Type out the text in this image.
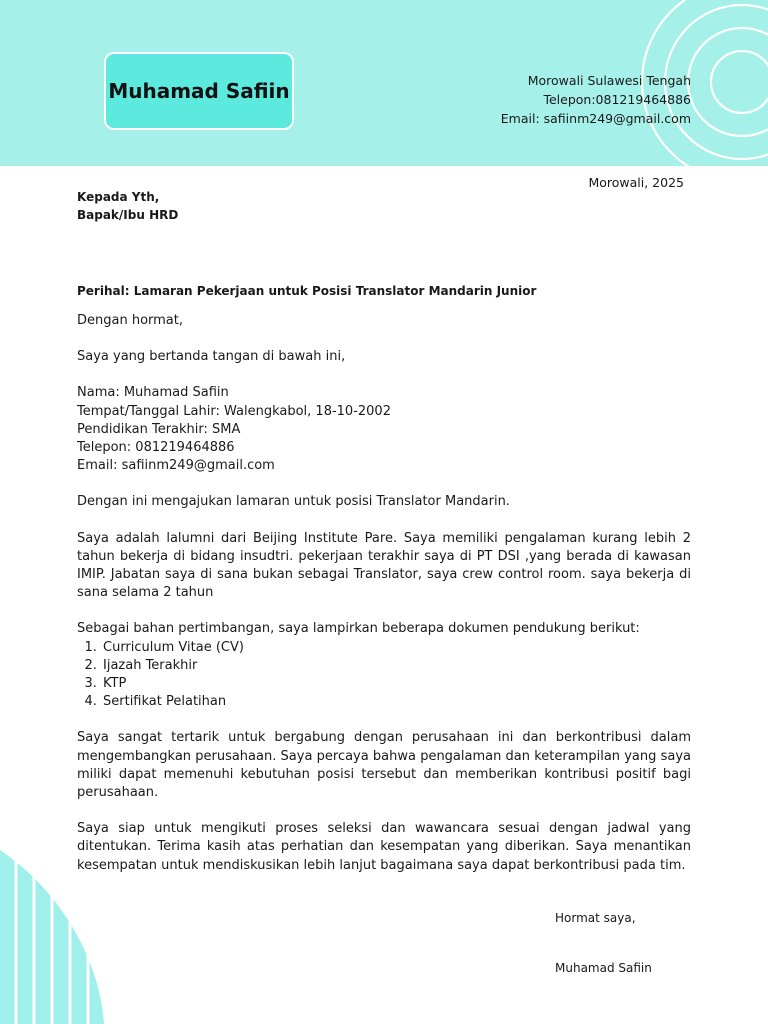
Muhamad Safiin	Morowali Sulawesi Tengah
Telepon:081219464886
Email: safiinm249@gmail.com
Morowali, 2025
Kepada Yth,
Bapak/Ibu HRD
Perihal: Lamaran Pekerjaan untuk Posisi Translator Mandarin Junior

Dengan hormat,

Saya yang bertanda tangan di bawah ini,

Nama: Muhamad Safiin

Tempat/Tanggal Lahir: Walengkabol, 18-10-2002

Pendidikan Terakhir: SMA

Telepon: 081219464886

Email: safiinm249@gmail.com

Dengan ini mengajukan lamaran untuk posisi Translator Mandarin.

Saya adalah lalumni dari Beijing Institute Pare. Saya memiliki pengalaman kurang lebih 2 tahun bekerja di bidang insudtri. pekerjaan terakhir saya di PT DSI ,yang berada di kawasan IMIP. Jabatan saya di sana bukan sebagai Translator, saya crew control room. saya bekerja di sana selama 2 tahun

Sebagai bahan pertimbangan, saya lampirkan beberapa dokumen pendukung berikut:

1. Curriculum Vitae (CV)
2. Ijazah Terakhir
3. KTP
4. Sertifikat Pelatihan

Saya sangat tertarik untuk bergabung dengan perusahaan ini dan berkontribusi dalam mengembangkan perusahaan. Saya percaya bahwa pengalaman dan keterampilan yang saya miliki dapat memenuhi kebutuhan posisi tersebut dan memberikan kontribusi positif bagi perusahaan.

Saya siap untuk mengikuti proses seleksi dan wawancara sesuai dengan jadwal yang ditentukan. Terima kasih atas perhatian dan kesempatan yang diberikan. Saya menantikan kesempatan untuk mendiskusikan lebih lanjut bagaimana saya dapat berkontribusi pada tim.

Hormat saya,
Muhamad Safiin
